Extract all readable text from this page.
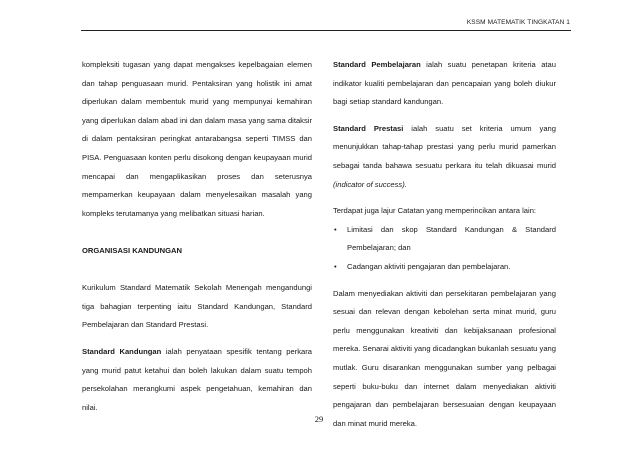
KSSM MATEMATIK TINGKATAN 1

kompleksiti tugasan yang dapat mengakses kepelbagaian elemen dan tahap penguasaan murid. Pentaksiran yang holistik ini amat diperlukan dalam membentuk murid yang mempunyai kemahiran yang diperlukan dalam abad ini dan dalam masa yang sama ditaksir di dalam pentaksiran peringkat antarabangsa seperti TIMSS dan PISA. Penguasaan konten perlu disokong dengan keupayaan murid mencapai dan mengaplikasikan proses dan seterusnya mempamerkan keupayaan dalam menyelesaikan masalah yang kompleks terutamanya yang melibatkan situasi harian.

ORGANISASI KANDUNGAN

Kurikulum Standard Matematik Sekolah Menengah mengandungi tiga bahagian terpenting iaitu Standard Kandungan, Standard Pembelajaran dan Standard Prestasi.

Standard Kandungan ialah penyataan spesifik tentang perkara yang murid patut ketahui dan boleh lakukan dalam suatu tempoh persekolahan merangkumi aspek pengetahuan, kemahiran dan nilai.

Standard Pembelajaran ialah suatu penetapan kriteria atau indikator kualiti pembelajaran dan pencapaian yang boleh diukur bagi setiap standard kandungan.

Standard Prestasi ialah suatu set kriteria umum yang menunjukkan tahap-tahap prestasi yang perlu murid pamerkan sebagai tanda bahawa sesuatu perkara itu telah dikuasai murid (indicator of success).

Terdapat juga lajur Catatan yang memperincikan antara lain:

• Limitasi dan skop Standard Kandungan & Standard Pembelajaran; dan
• Cadangan aktiviti pengajaran dan pembelajaran.

Dalam menyediakan aktiviti dan persekitaran pembelajaran yang sesuai dan relevan dengan kebolehan serta minat murid, guru perlu menggunakan kreativiti dan kebijaksanaan profesional mereka. Senarai aktiviti yang dicadangkan bukanlah sesuatu yang mutlak. Guru disarankan menggunakan sumber yang pelbagai seperti buku-buku dan internet dalam menyediakan aktiviti pengajaran dan pembelajaran bersesuaian dengan keupayaan dan minat murid mereka.

29
